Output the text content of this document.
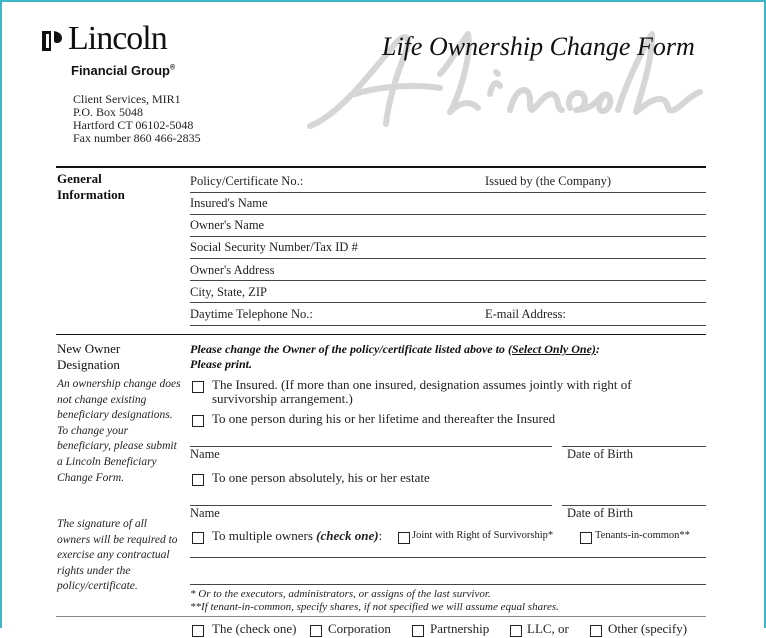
Lincoln
Financial Group®
Client Services, MIR1
P.O. Box 5048
Hartford CT 06102-5048
Fax number 860 466-2835
Life Ownership Change Form
General
Information
Policy/Certificate No.:	Issued by (the Company)
Insured's Name
Owner's Name
Social Security Number/Tax ID #
Owner's Address
City, State, ZIP
Daytime Telephone No.:	E-mail Address:
New Owner
Designation
An ownership change does not change existing beneficiary designations. To change your beneficiary, please submit a Lincoln Beneficiary Change Form.
The signature of all owners will be required to exercise any contractual rights under the policy/certificate.
Please change the Owner of the policy/certificate listed above to (Select Only One):
Please print.
The Insured. (If more than one insured, designation assumes jointly with right of
survivorship arrangement.)
To one person during his or her lifetime and thereafter the Insured
Name	Date of Birth
To one person absolutely, his or her estate
Name	Date of Birth
To multiple owners (check one):	Joint with Right of Survivorship*	Tenants-in-common**
* Or to the executors, administrators, or assigns of the last survivor.
**If tenant-in-common, specify shares, if not specified we will assume equal shares.

The (check one) Corporation	Partnership	LLC, or	Other (specify)
